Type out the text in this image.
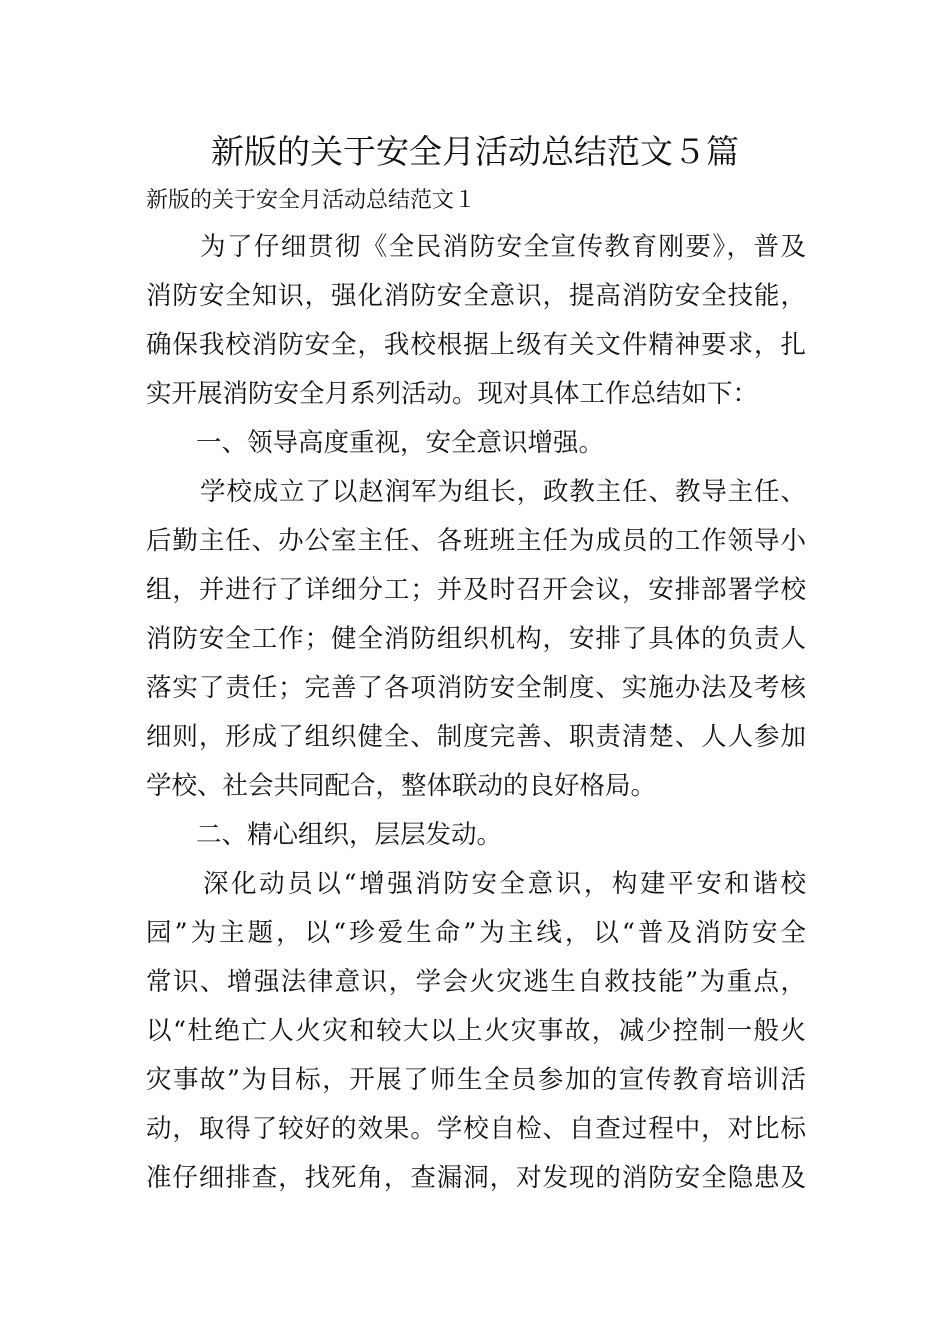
新版的关于安全月活动总结范文５篇

新版的关于安全月活动总结范文１

为了仔细贯彻《全民消防安全宣传教育刚要》，普及

消防安全知识，强化消防安全意识，提高消防安全技能，

确保我校消防安全，我校根据上级有关文件精神要求，扎

实开展消防安全月系列活动。现对具体工作总结如下：

一、领导高度重视，安全意识增强。

学校成立了以赵润军为组长，政教主任、教导主任、

后勤主任、办公室主任、各班班主任为成员的工作领导小

组，并进行了详细分工；并及时召开会议，安排部署学校

消防安全工作；健全消防组织机构，安排了具体的负责人

落实了责任；完善了各项消防安全制度、实施办法及考核

细则，形成了组织健全、制度完善、职责清楚、人人参加

学校、社会共同配合，整体联动的良好格局。

二、精心组织，层层发动。

深化动员以“增强消防安全意识，构建平安和谐校

园”为主题，以“珍爱生命”为主线，以“普及消防安全

常识、增强法律意识，学会火灾逃生自救技能”为重点，

以“杜绝亡人火灾和较大以上火灾事故，减少控制一般火

灾事故”为目标，开展了师生全员参加的宣传教育培训活

动，取得了较好的效果。学校自检、自查过程中，对比标

准仔细排查，找死角，查漏洞，对发现的消防安全隐患及
